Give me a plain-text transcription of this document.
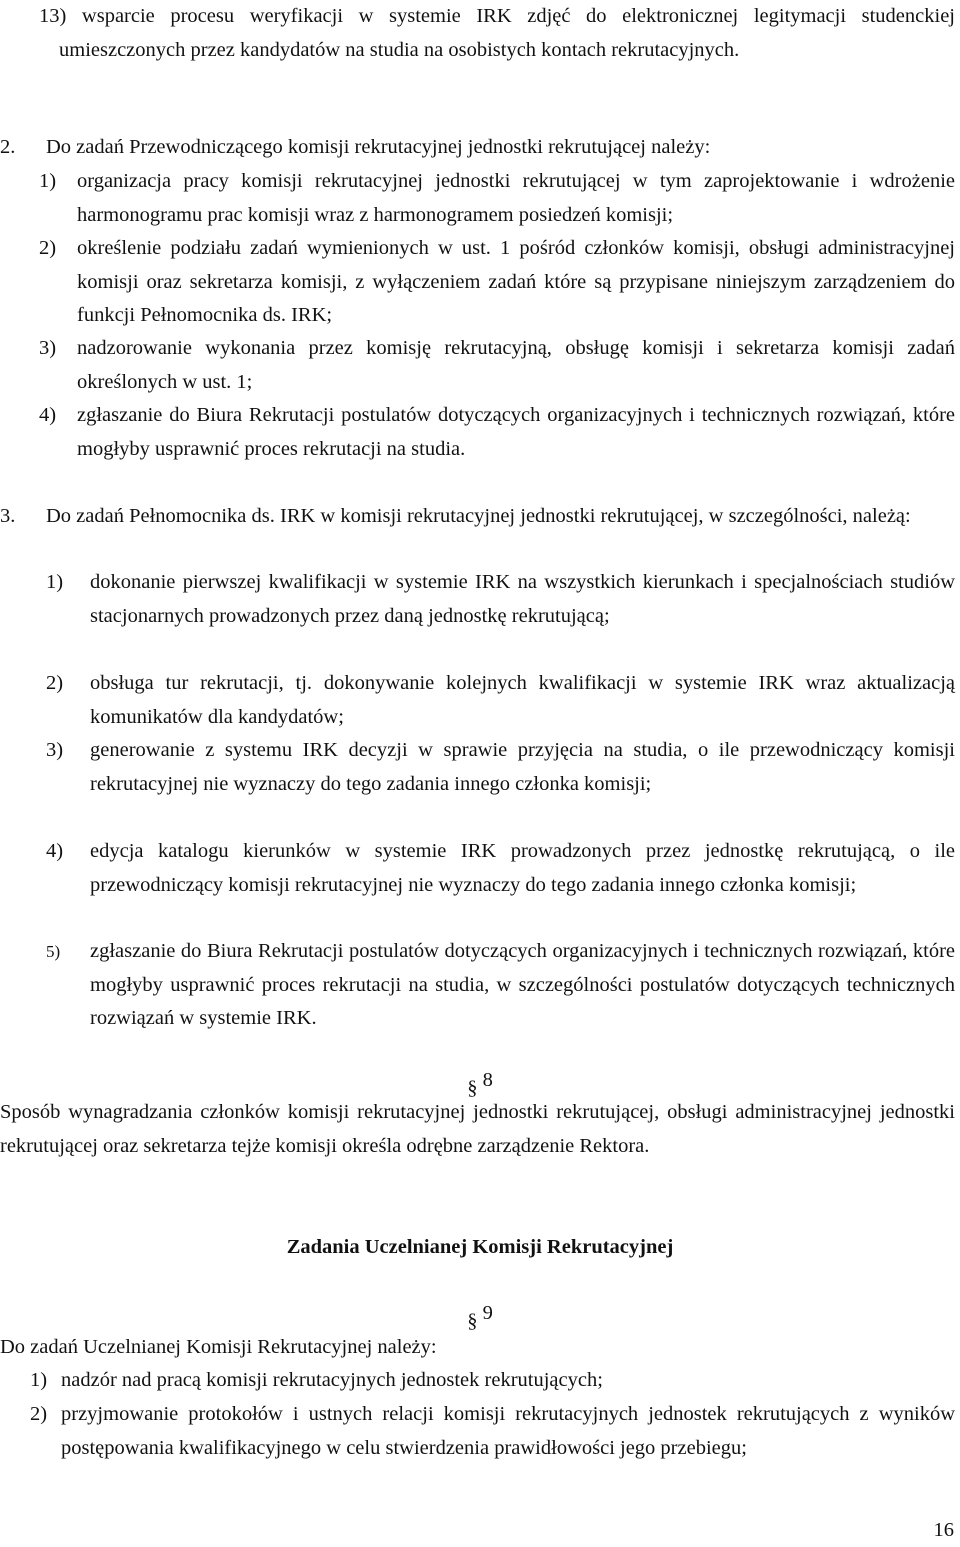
13) wsparcie procesu weryfikacji w systemie IRK zdjęć do elektronicznej legitymacji studenckiej umieszczonych przez kandydatów na studia na osobistych kontach rekrutacyjnych.
2. Do zadań Przewodniczącego komisji rekrutacyjnej jednostki rekrutującej należy:
1) organizacja pracy komisji rekrutacyjnej jednostki rekrutującej w tym zaprojektowanie i wdrożenie harmonogramu prac komisji wraz z harmonogramem posiedzeń komisji;
2) określenie podziału zadań wymienionych w ust. 1 pośród członków komisji, obsługi administracyjnej komisji oraz sekretarza komisji, z wyłączeniem zadań które są przypisane niniejszym zarządzeniem do funkcji Pełnomocnika ds. IRK;
3) nadzorowanie wykonania przez komisję rekrutacyjną, obsługę komisji i sekretarza komisji zadań określonych w ust. 1;
4) zgłaszanie do Biura Rekrutacji postulatów dotyczących organizacyjnych i technicznych rozwiązań, które mogłyby usprawnić proces rekrutacji na studia.
3. Do zadań Pełnomocnika ds. IRK w komisji rekrutacyjnej jednostki rekrutującej, w szczególności, należą:
1) dokonanie pierwszej kwalifikacji w systemie IRK na wszystkich kierunkach i specjalnościach studiów stacjonarnych prowadzonych przez daną jednostkę rekrutującą;
2) obsługa tur rekrutacji, tj. dokonywanie kolejnych kwalifikacji w systemie IRK wraz aktualizacją komunikatów dla kandydatów;
3) generowanie z systemu IRK decyzji w sprawie przyjęcia na studia, o ile przewodniczący komisji rekrutacyjnej nie wyznaczy do tego zadania innego członka komisji;
4) edycja katalogu kierunków w systemie IRK prowadzonych przez jednostkę rekrutującą, o ile przewodniczący komisji rekrutacyjnej nie wyznaczy do tego zadania innego członka komisji;
5) zgłaszanie do Biura Rekrutacji postulatów dotyczących organizacyjnych i technicznych rozwiązań, które mogłyby usprawnić proces rekrutacji na studia, w szczególności postulatów dotyczących technicznych rozwiązań w systemie IRK.
§ 8
Sposób wynagradzania członków komisji rekrutacyjnej jednostki rekrutującej, obsługi administracyjnej jednostki rekrutującej oraz sekretarza tejże komisji określa odrębne zarządzenie Rektora.
Zadania Uczelnianej Komisji Rekrutacyjnej
§ 9
Do zadań Uczelnianej Komisji Rekrutacyjnej należy:
1) nadzór nad pracą komisji rekrutacyjnych jednostek rekrutujących;
2) przyjmowanie protokołów i ustnych relacji komisji rekrutacyjnych jednostek rekrutujących z wyników postępowania kwalifikacyjnego w celu stwierdzenia prawidłowości jego przebiegu;
16
